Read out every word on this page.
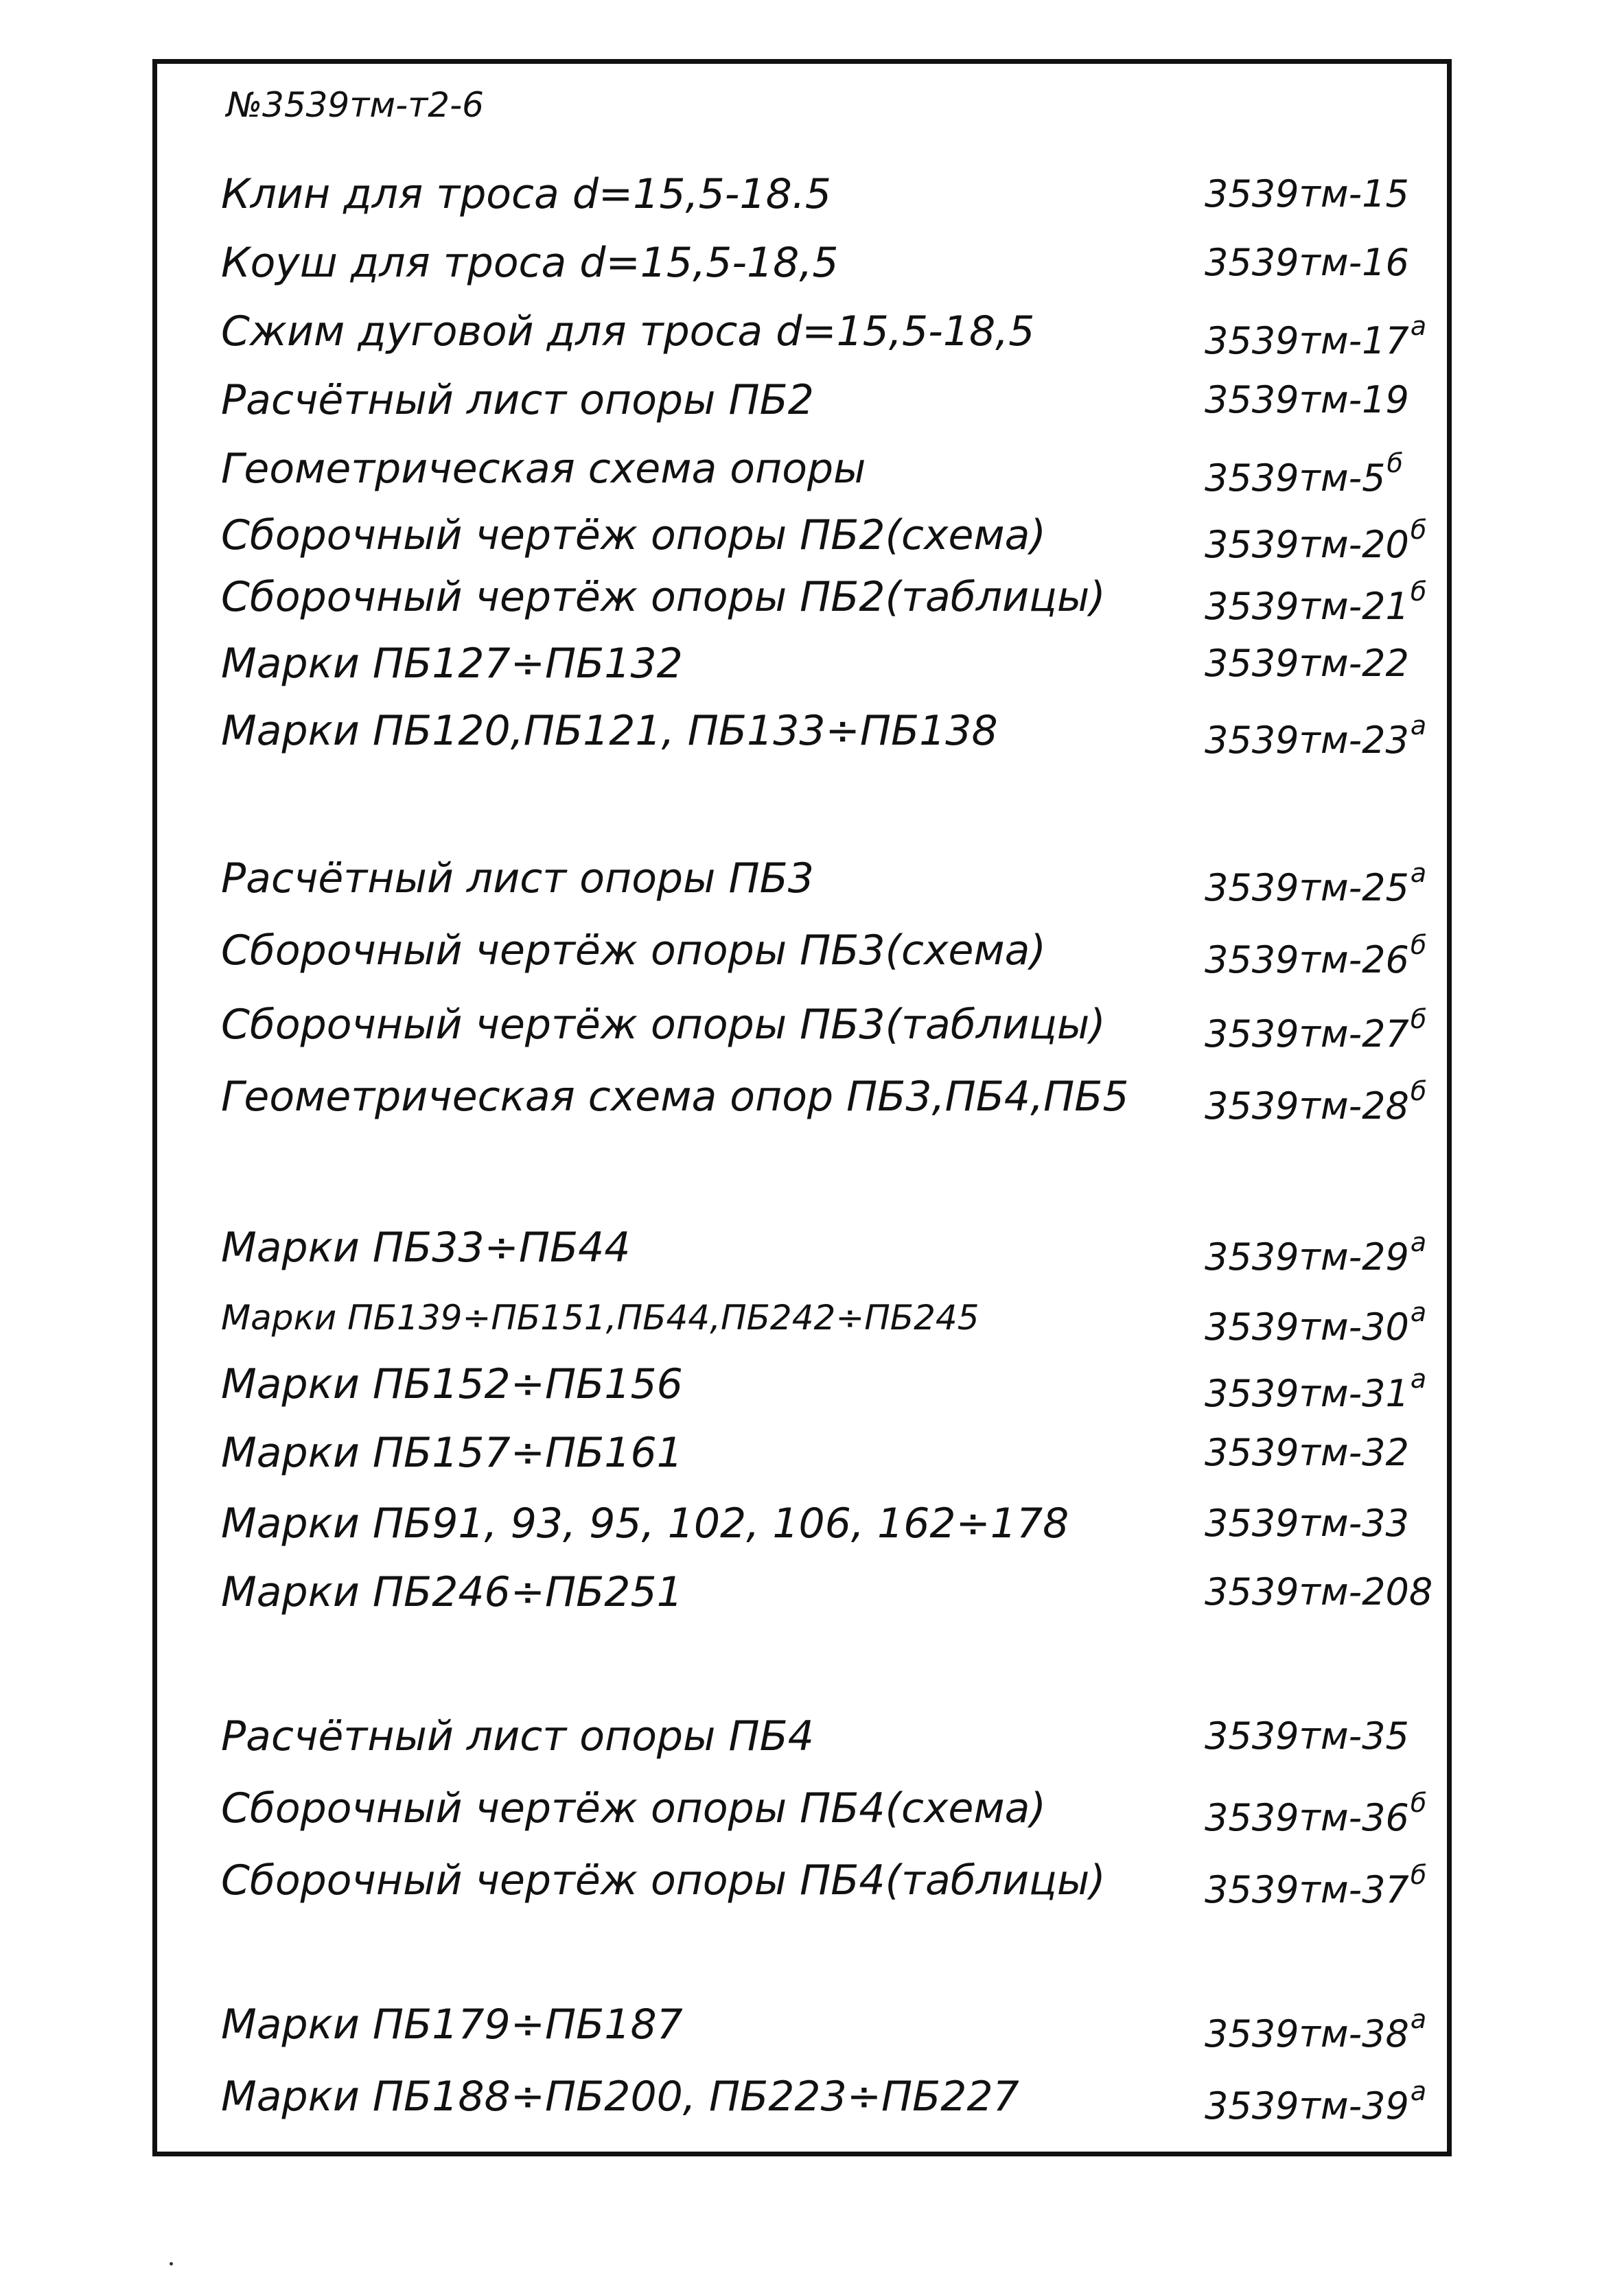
№3539тм-т2-6
Клин для троса d=15,5-18.5	3539тм-15
Коуш для троса d=15,5-18,5	3539тм-16
Сжим дуговой для троса d=15,5-18,5	$3539тм-17^а$
Расчётный лист опоры ПБ2	3539тм-19
Геометрическая схема опоры	$3539тм-5^б$
Сборочный чертёж опоры ПБ2(схема)	$3539тм-20^б$
Сборочный чертёж опоры ПБ2(таблицы)	$3539тм-21^б$
Марки ПБ127÷ПБ132	3539тм-22
Марки ПБ120,ПБ121, ПБ133÷ПБ138	$3539тм-23^а$
Расчётный лист опоры ПБ3	$3539тм-25^а$
Сборочный чертёж опоры ПБ3(схема)	$3539тм-26^б$
Сборочный чертёж опоры ПБ3(таблицы)	$3539тм-27^б$
Геометрическая схема опор ПБ3,ПБ4,ПБ5 $3539тм-28^б$
Марки ПБ33÷ПБ44	$3539тм-29^а$
Марки ПБ139÷ПБ151,ПБ44,ПБ242÷ПБ245	$3539тм-30^а$
Марки ПБ152÷ПБ156	$3539тм-31^а$
Марки ПБ157÷ПБ161	3539тм-32
Марки ПБ91, 93, 95, 102, 106, 162÷178	3539тм-33
Марки ПБ246÷ПБ251	3539тм-208
Расчётный лист опоры ПБ4	3539тм-35
Сборочный чертёж опоры ПБ4(схема)	$3539тм-36^б$
Сборочный чертёж опоры ПБ4(таблицы)	$3539тм-37^б$
Марки ПБ179÷ПБ187	$3539тм-38^а$
Марки ПБ188÷ПБ200, ПБ223÷ПБ227	$3539тм-39^а$
